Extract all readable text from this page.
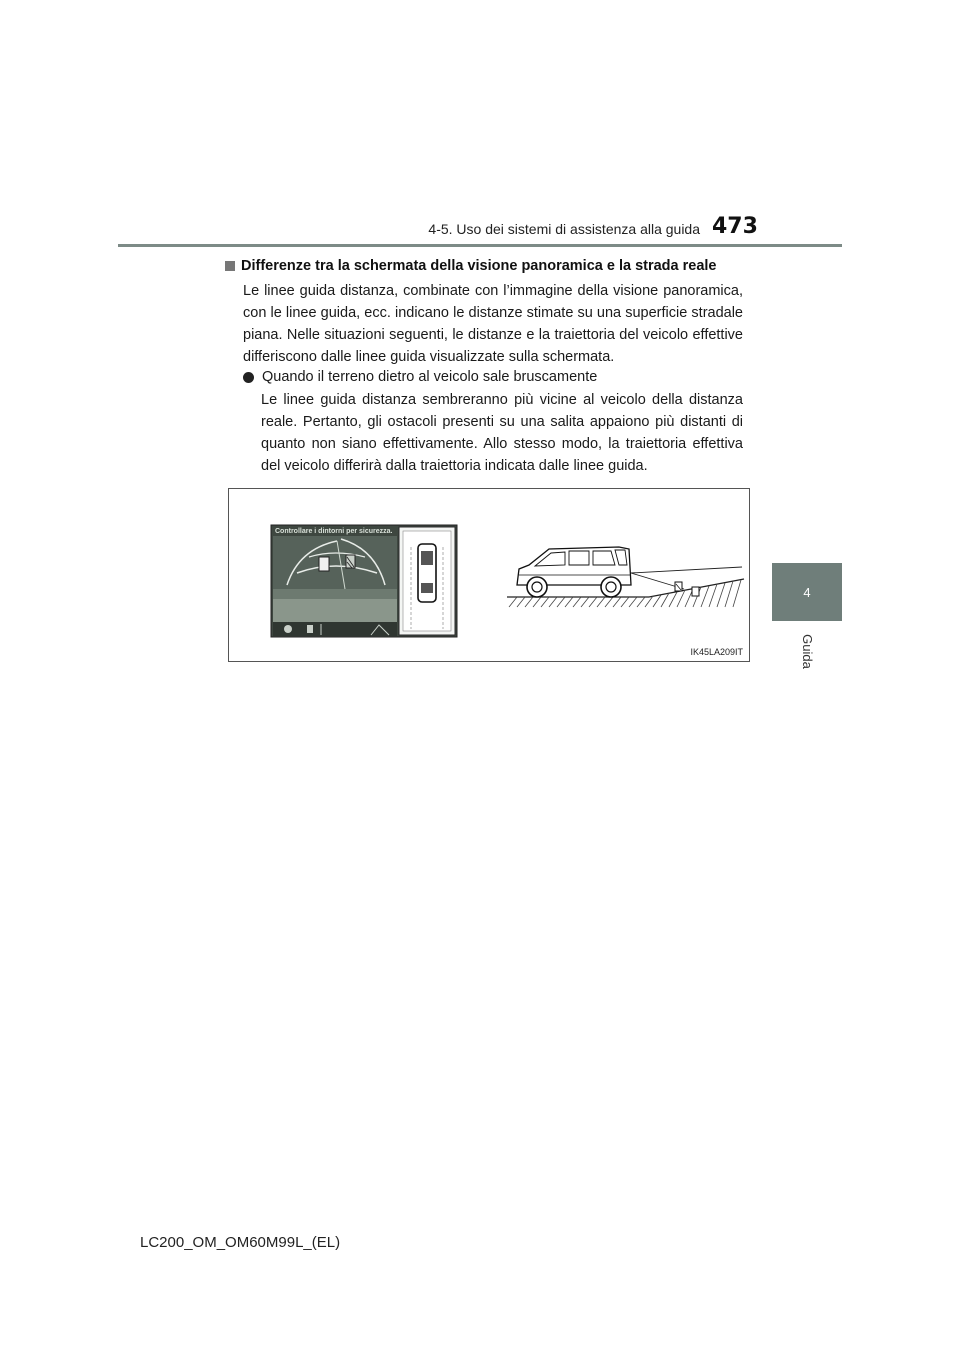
4-5. Uso dei sistemi di assistenza alla guida 473
4
Guida
Differenze tra la schermata della visione panoramica e la strada reale
Le linee guida distanza, combinate con l’immagine della visione panoramica, con le linee guida, ecc. indicano le distanze stimate su una superficie stradale piana. Nelle situazioni seguenti, le distanze e la traiettoria del veicolo effettive differiscono dalle linee guida visualizzate sulla schermata.
Quando il terreno dietro al veicolo sale bruscamente
Le linee guida distanza sembreranno più vicine al veicolo della distanza reale. Pertanto, gli ostacoli presenti su una salita appaiono più distanti di quanto non siano effettivamente. Allo stesso modo, la traiettoria effettiva del veicolo differirà dalla traiettoria indicata dalle linee guida.
Controllare i dintorni per sicurezza.
IK45LA209IT
LC200_OM_OM60M99L_(EL)
